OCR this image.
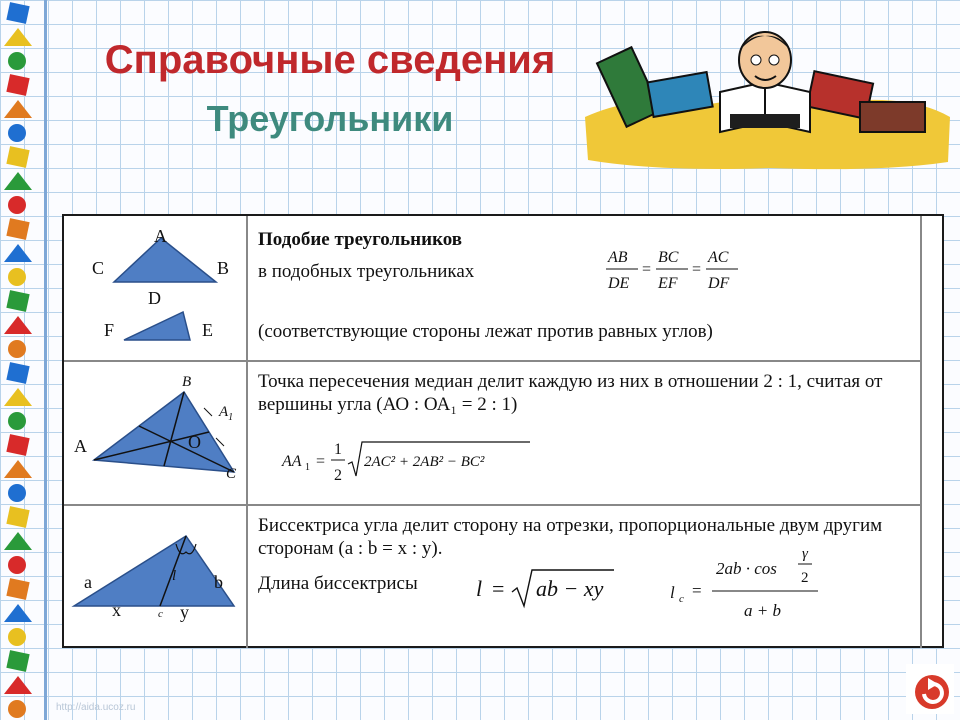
Справочные сведения
Треугольники
A
C	B
D
F	E
Подобие треугольников
в подобных треугольниках
(соответствующие стороны лежат против равных углов)
AB
DE
=
BC
EF
=
AC
DF
B
$A_1$
A	O
C
Точка пересечения медиан делит каждую из них в отношении 2 : 1, считая от вершины угла (АО : ОА₁ = 2 : 1)
AA 1 =
1
2
2AC² + 2AB² − BC²
a	l b
x	c y
Биссектриса угла делит сторону на отрезки, пропорциональные двум другим сторонам (a : b = x : y).
Длина биссектрисы	l = ab − xy	l c =
2ab · cos
γ
2
a + b
http://aida.ucoz.ru
